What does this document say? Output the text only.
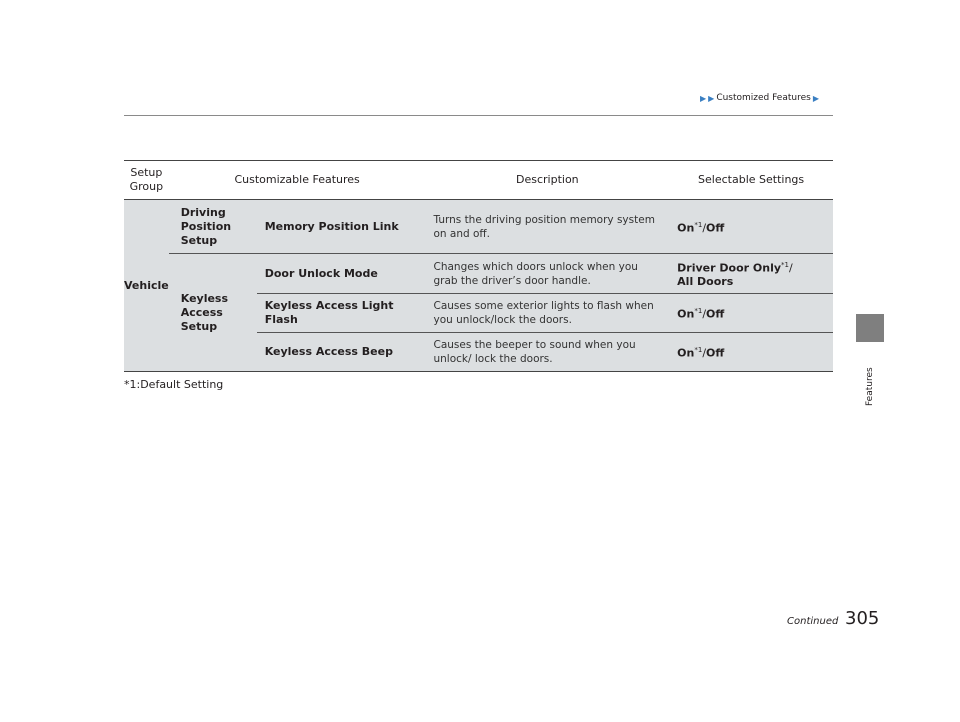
▶ ▶ Customized Features ▶
Features
Setup
Group	Customizable Features		Description	Selectable Settings
Vehicle	Driving Position Setup	Memory Position Link	Turns the driving position memory system on and off.	On$^{*1}$/Off

	Keyless Access Setup	Door Unlock Mode	Changes which doors unlock when you grab the driver’s door handle.	Driver Door Only$^{*1}$/
All Doors
		Keyless Access Light Flash	Causes some exterior lights to flash when you unlock/lock the doors.	On$^{*1}$/Off
		Keyless Access Beep	Causes the beeper to sound when you unlock/ lock the doors.	On$^{*1}$/Off

*1:Default Setting
Continued 305
